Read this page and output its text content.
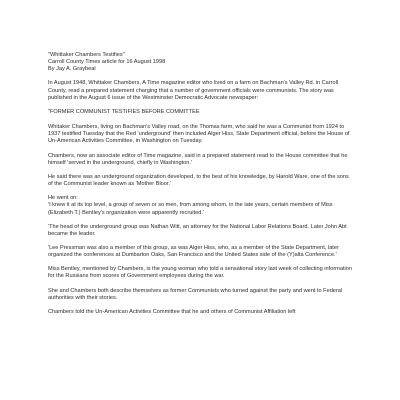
"Whittaker Chambers Testifies"
Carroll County Times article for 16 August 1998
By Jay A. Graybeal

In August 1948, Whittaker Chambers, A Time magazine editor who lived on a farm on Bachman's Valley Rd. in Carroll County, read a prepared statement charging that a number of government officials were communists. The story was published in the August 6 issue of the Westminster Democratic Advocate newspaper:

"FORMER COMMUNIST TESTIFIES BEFORE COMMITTEE

Whitaker Chambers, living on Bachman's Valley road, on the Thomas farm, who said he was a Communist from 1924 to 1937 testified Tuesday that the Red 'underground' then included Alger Hiss, State Department official, before the House of Un-American Activities Committee, in Washington on Tuesday.

Chambers, now an associate editor of Time magazine, said in a prepared statement read to the House committee that he himself 'served in the underground, chiefly in Washington.'

He said there was an underground organization developed, to the best of his knowledge, by Harold Ware, one of the sons of the Communist leader known as 'Mother Bloor.'

He went on:
'I knew it at its top level, a group of seven or so men, from among whom, in the late years, certain members of Miss (Elizabeth T.) Bentley's organization were apparently recruited.'

'The head of the underground group was Nathan Witt, an attorney for the National Labor Relations Board. Later John Abt became the leader.

'Lee Pressman was also a member of this group, as was Alger Hiss, who, as a member of the State Department, later organized the conferences at Dumbarton Oaks, San Francisco and the United States side of the (Y)alta Conference.'

Miss Bentley, mentioned by Chambers, is the young woman who told a sensational story last week of collecting information for the Russians from scores of Government employees during the war.

She and Chambers both describe themselves as former Communists who turned against the party and went to Federal authorities with their stories.

Chambers told the Un-American Activities Committee that he and others of Communist Affiliation left
